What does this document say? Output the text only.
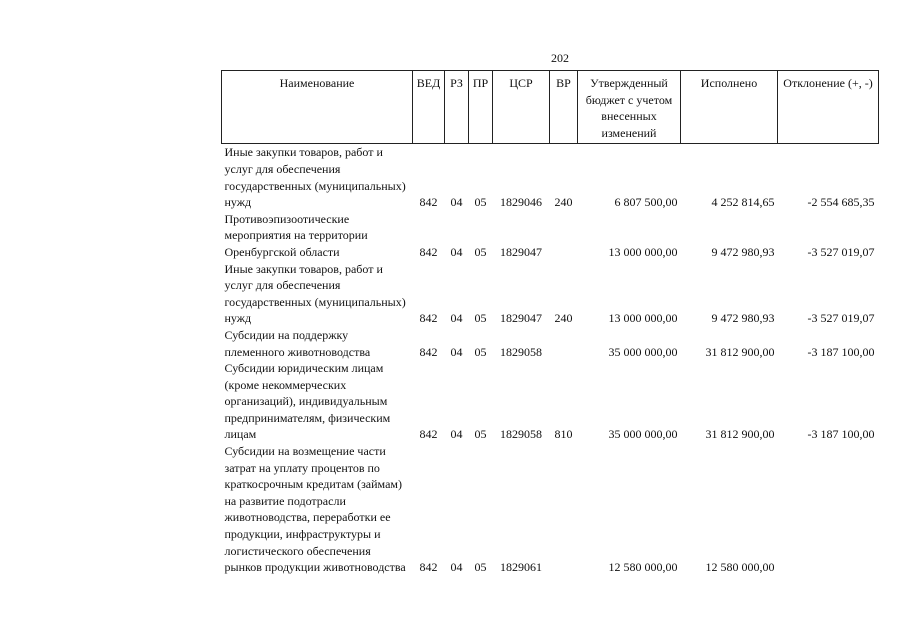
202
Наименование	ВЕД	РЗ	ПР	ЦСР	ВР	Утвержденный бюджет с учетом внесенных изменений	Исполнено	Отклонение (+, -)
Иные закупки товаров, работ и услуг для обеспечения государственных (муниципальных) нужд	842	04	05	1829046	240	6 807 500,00	4 252 814,65	-2 554 685,35
Противоэпизоотические мероприятия на территории Оренбургской области	842	04	05	1829047		13 000 000,00	9 472 980,93	-3 527 019,07
Иные закупки товаров, работ и услуг для обеспечения государственных (муниципальных) нужд	842	04	05	1829047	240	13 000 000,00	9 472 980,93	-3 527 019,07
Субсидии на поддержку племенного животноводства	842	04	05	1829058		35 000 000,00	31 812 900,00	-3 187 100,00
Субсидии юридическим лицам (кроме некоммерческих организаций), индивидуальным предпринимателям, физическим лицам	842	04	05	1829058	810	35 000 000,00	31 812 900,00	-3 187 100,00
Субсидии на возмещение части затрат на уплату процентов по краткосрочным кредитам (займам) на развитие подотрасли животноводства, переработки ее продукции, инфраструктуры и логистического обеспечения рынков продукции животноводства	842	04	05	1829061		12 580 000,00	12 580 000,00	
